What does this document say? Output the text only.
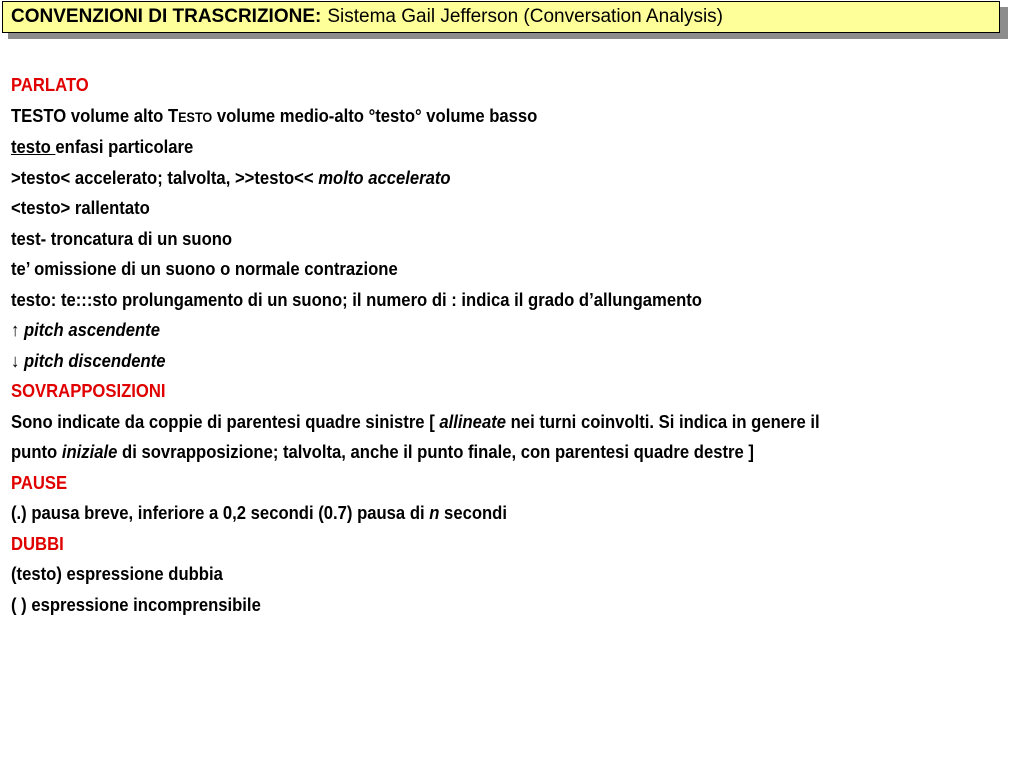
CONVENZIONI DI TRASCRIZIONE: Sistema Gail Jefferson (Conversation Analysis)
PARLATO
TESTO volume alto TESTO volume medio-alto °testo° volume basso
testo enfasi particolare
>testo< accelerato; talvolta, >>testo<< molto accelerato
<testo> rallentato
test- troncatura di un suono
te’ omissione di un suono o normale contrazione
testo: te:::sto prolungamento di un suono; il numero di : indica il grado d’allungamento
↑ pitch ascendente
↓ pitch discendente
SOVRAPPOSIZIONI
Sono indicate da coppie di parentesi quadre sinistre [ allineate nei turni coinvolti. Si indica in genere il
punto iniziale di sovrapposizione; talvolta, anche il punto finale, con parentesi quadre destre ]
PAUSE
(.) pausa breve, inferiore a 0,2 secondi (0.7) pausa di n secondi
DUBBI
(testo) espressione dubbia
( ) espressione incomprensibile
